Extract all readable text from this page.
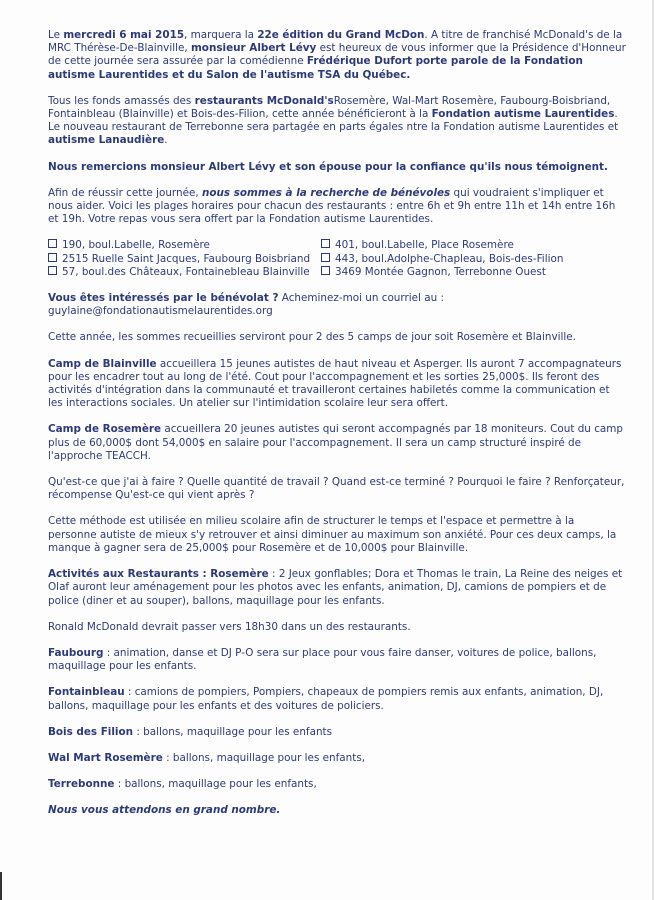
Le mercredi 6 mai 2015, marquera la 22e édition du Grand McDon. A titre de franchisé McDonald's de la MRC Thérèse-De-Blainville, monsieur Albert Lévy est heureux de vous informer que la Présidence d'Honneur de cette journée sera assurée par la comédienne Frédérique Dufort porte parole de la Fondation autisme Laurentides et du Salon de l'autisme TSA du Québec.

Tous les fonds amassés des restaurants McDonald'sRosemère, Wal-Mart Rosemère, Faubourg-Boisbriand, Fontainbleau (Blainville) et Bois-des-Filion, cette année bénéficieront à la Fondation autisme Laurentides. Le nouveau restaurant de Terrebonne sera partagée en parts égales ntre la Fondation autisme Laurentides et autisme Lanaudière.

Nous remercions monsieur Albert Lévy et son épouse pour la confiance qu'ils nous témoignent.

Afin de réussir cette journée, nous sommes à la recherche de bénévoles qui voudraient s'impliquer et nous aider. Voici les plages horaires pour chacun des restaurants : entre 6h et 9h entre 11h et 14h entre 16h et 19h. Votre repas vous sera offert par la Fondation autisme Laurentides.

190, boul.Labelle, Rosemère	401, boul.Labelle, Place Rosemère
2515 Ruelle Saint Jacques, Faubourg Boisbriand	443, boul.Adolphe-Chapleau, Bois-des-Filion
57, boul.des Châteaux, Fontainebleau Blainville	3469 Montée Gagnon, Terrebonne Ouest

Vous êtes intéressés par le bénévolat ? Acheminez-moi un courriel au : guylaine@fondationautismelaurentides.org

Cette année, les sommes recueillies serviront pour 2 des 5 camps de jour soit Rosemère et Blainville.

Camp de Blainville accueillera 15 jeunes autistes de haut niveau et Asperger. Ils auront 7 accompagnateurs pour les encadrer tout au long de l'été. Cout pour l'accompagnement et les sorties 25,000$. Ils feront des activités d'intégration dans la communauté et travailleront certaines habiletés comme la communication et les interactions sociales. Un atelier sur l'intimidation scolaire leur sera offert.

Camp de Rosemère accueillera 20 jeunes autistes qui seront accompagnés par 18 moniteurs. Cout du camp plus de 60,000$ dont 54,000$ en salaire pour l'accompagnement. Il sera un camp structuré inspiré de l'approche TEACCH.

Qu'est-ce que j'ai à faire ? Quelle quantité de travail ? Quand est-ce terminé ? Pourquoi le faire ? Renforçateur, récompense Qu'est-ce qui vient après ?

Cette méthode est utilisée en milieu scolaire afin de structurer le temps et l'espace et permettre à la personne autiste de mieux s'y retrouver et ainsi diminuer au maximum son anxiété. Pour ces deux camps, la manque à gagner sera de 25,000$ pour Rosemère et de 10,000$ pour Blainville.

Activités aux Restaurants : Rosemère : 2 Jeux gonflables; Dora et Thomas le train, La Reine des neiges et Olaf auront leur aménagement pour les photos avec les enfants, animation, DJ, camions de pompiers et de police (diner et au souper), ballons, maquillage pour les enfants.

Ronald McDonald devrait passer vers 18h30 dans un des restaurants.

Faubourg : animation, danse et DJ P-O sera sur place pour vous faire danser, voitures de police, ballons, maquillage pour les enfants.

Fontainbleau : camions de pompiers, Pompiers, chapeaux de pompiers remis aux enfants, animation, DJ, ballons, maquillage pour les enfants et des voitures de policiers.

Bois des Filion : ballons, maquillage pour les enfants

Wal Mart Rosemère : ballons, maquillage pour les enfants,

Terrebonne : ballons, maquillage pour les enfants,

Nous vous attendons en grand nombre.
